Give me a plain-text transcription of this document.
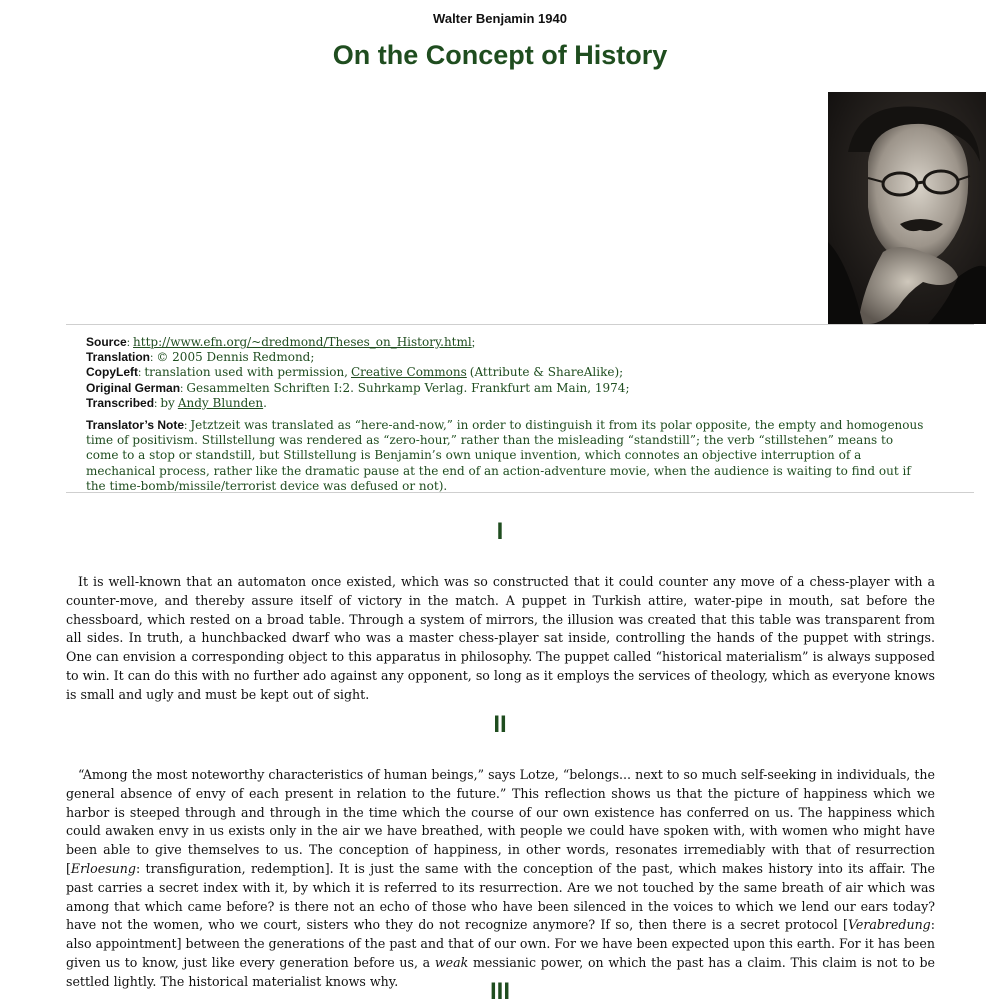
Walter Benjamin 1940
On the Concept of History
Source: http://www.efn.org/~dredmond/Theses_on_History.html;
Translation: © 2005 Dennis Redmond;
CopyLeft: translation used with permission, Creative Commons (Attribute & ShareAlike);
Original German: Gesammelten Schriften I:2. Suhrkamp Verlag. Frankfurt am Main, 1974;
Transcribed: by Andy Blunden.
Translator’s Note: Jetztzeit was translated as “here-and-now,” in order to distinguish it from its polar opposite, the empty and homogenous time of positivism. Stillstellung was rendered as “zero-hour,” rather than the misleading “standstill”; the verb “stillstehen” means to come to a stop or standstill, but Stillstellung is Benjamin’s own unique invention, which connotes an objective interruption of a mechanical process, rather like the dramatic pause at the end of an action-adventure movie, when the audience is waiting to find out if the time-bomb/missile/terrorist device was defused or not).
I

It is well-known that an automaton once existed, which was so constructed that it could counter any move of a chess-player with a counter-move, and thereby assure itself of victory in the match. A puppet in Turkish attire, water-pipe in mouth, sat before the chessboard, which rested on a broad table. Through a system of mirrors, the illusion was created that this table was transparent from all sides. In truth, a hunchbacked dwarf who was a master chess-player sat inside, controlling the hands of the puppet with strings. One can envision a corresponding object to this apparatus in philosophy. The puppet called “historical materialism” is always supposed to win. It can do this with no further ado against any opponent, so long as it employs the services of theology, which as everyone knows is small and ugly and must be kept out of sight.

II

“Among the most noteworthy characteristics of human beings,” says Lotze, “belongs... next to so much self-seeking in individuals, the general absence of envy of each present in relation to the future.” This reflection shows us that the picture of happiness which we harbor is steeped through and through in the time which the course of our own existence has conferred on us. The happiness which could awaken envy in us exists only in the air we have breathed, with people we could have spoken with, with women who might have been able to give themselves to us. The conception of happiness, in other words, resonates irremediably with that of resurrection [Erloesung: transfiguration, redemption]. It is just the same with the conception of the past, which makes history into its affair. The past carries a secret index with it, by which it is referred to its resurrection. Are we not touched by the same breath of air which was among that which came before? is there not an echo of those who have been silenced in the voices to which we lend our ears today? have not the women, who we court, sisters who they do not recognize anymore? If so, then there is a secret protocol [Verabredung: also appointment] between the generations of the past and that of our own. For we have been expected upon this earth. For it has been given us to know, just like every generation before us, a weak messianic power, on which the past has a claim. This claim is not to be settled lightly. The historical materialist knows why.	III
